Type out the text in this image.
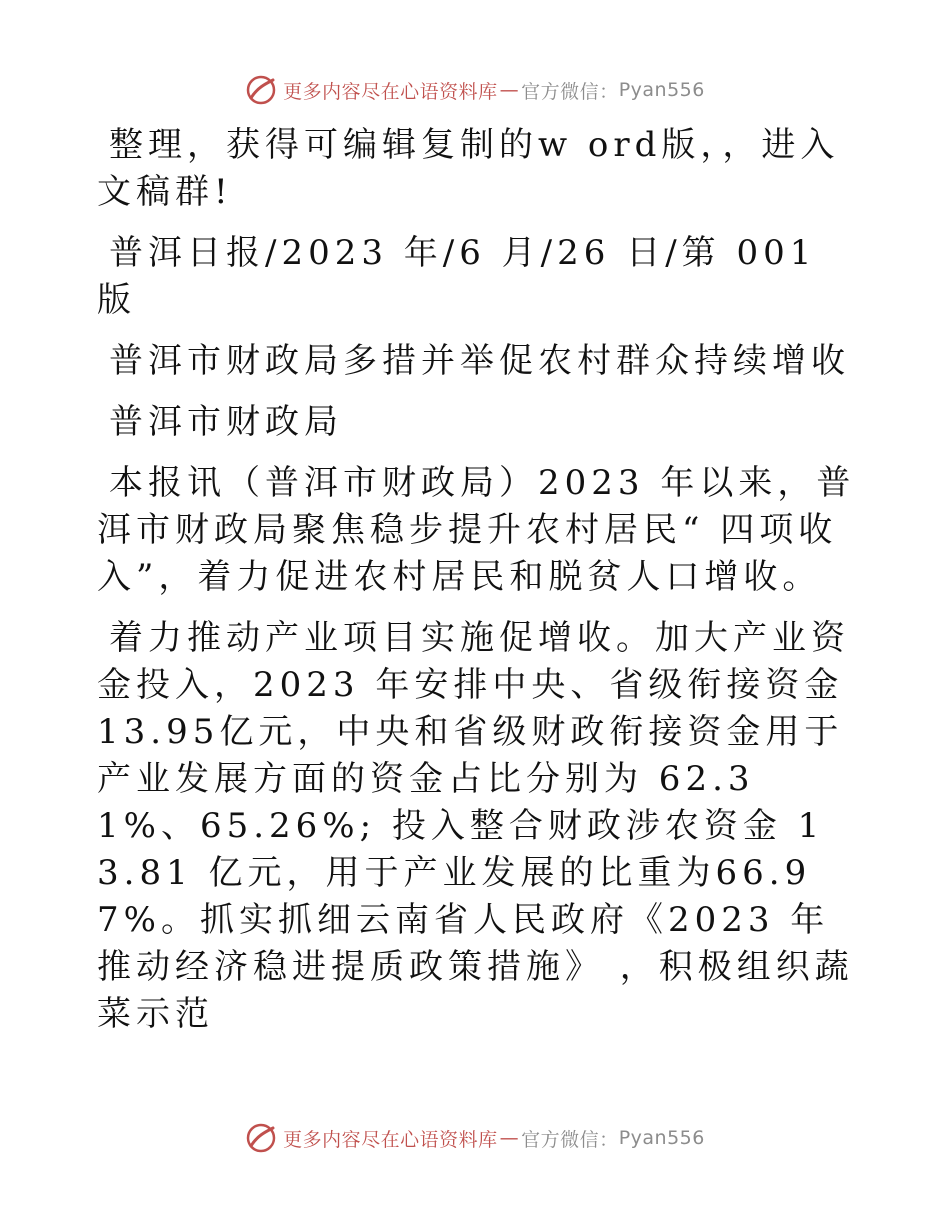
更多内容尽在心语资料库 — 官方微信： Pyan556

整理，获得可编辑复制的w ord版，，进入文稿群!

普洱日报/2023 年/6 月/26 日/第 001 版

普洱市财政局多措并举促农村群众持续增收

普洱市财政局

本报讯（普洱市财政局）2023 年以来，普洱市财政局聚焦稳步提升农村居民“ 四项收入”，着力促进农村居民和脱贫人口增收。

着力推动产业项目实施促增收。加大产业资金投入，2023 年安排中央、省级衔接资金 13.95亿元，中央和省级财政衔接资金用于产业发展方面的资金占比分别为 62.31%、65.26%; 投入整合财政涉农资金 13.81 亿元，用于产业发展的比重为66.97%。抓实抓细云南省人民政府《2023 年推动经济稳进提质政策措施》 ，积极组织蔬菜示范

更多内容尽在心语资料库 — 官方微信： Pyan556
